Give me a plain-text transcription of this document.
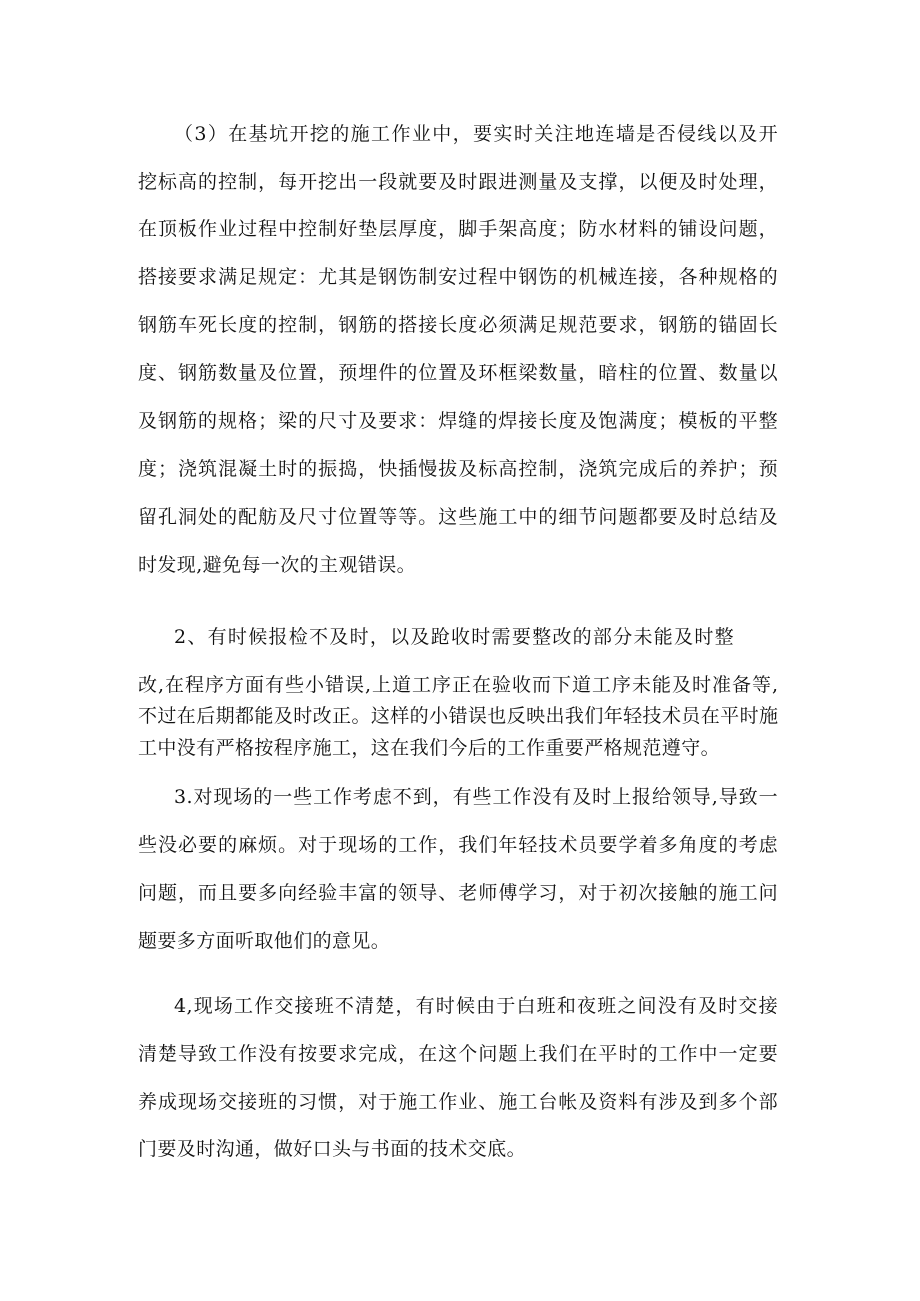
（3）在基坑开挖的施工作业中，要实时关注地连墙是否侵线以及开
挖标高的控制，每开挖出一段就要及时跟进测量及支撑，以便及时处理，
在顶板作业过程中控制好垫层厚度，脚手架高度；防水材料的铺设问题，
搭接要求满足规定：尤其是钢饬制安过程中钢饬的机械连接，各种规格的
钢筋车死长度的控制，钢筋的搭接长度必须满足规范要求，钢筋的锚固长
度、钢筋数量及位置，预埋件的位置及环框梁数量，暗柱的位置、数量以
及钢筋的规格；梁的尺寸及要求：焊缝的焊接长度及饱满度；模板的平整
度；浇筑混凝土时的振捣，快插慢拔及标高控制，浇筑完成后的养护；预
留孔洞处的配舫及尺寸位置等等。这些施工中的细节问题都要及时总结及
时发现,避免每一次的主观错误。
2、有时候报检不及时，以及跄收时需要整改的部分未能及时整
改,在程序方面有些小错误,上道工序正在验收而下道工序未能及时准备等,
不过在后期都能及时改正。这样的小错误也反映出我们年轻技术员在平时施
工中没有严格按程序施工，这在我们今后的工作重要严格规范遵守。
3.对现场的一些工作考虑不到，有些工作没有及时上报给领导,导致一
些没必要的麻烦。对于现场的工作，我们年轻技术员要学着多角度的考虑
问题，而且要多向经验丰富的领导、老师傅学习，对于初次接触的施工问
题要多方面听取他们的意见。
4,现场工作交接班不清楚，有时候由于白班和夜班之间没有及时交接
清楚导致工作没有按要求完成，在这个问题上我们在平时的工作中一定要
养成现场交接班的习惯，对于施工作业、施工台帐及资料有涉及到多个部
门要及时沟通，做好口头与书面的技术交底。
